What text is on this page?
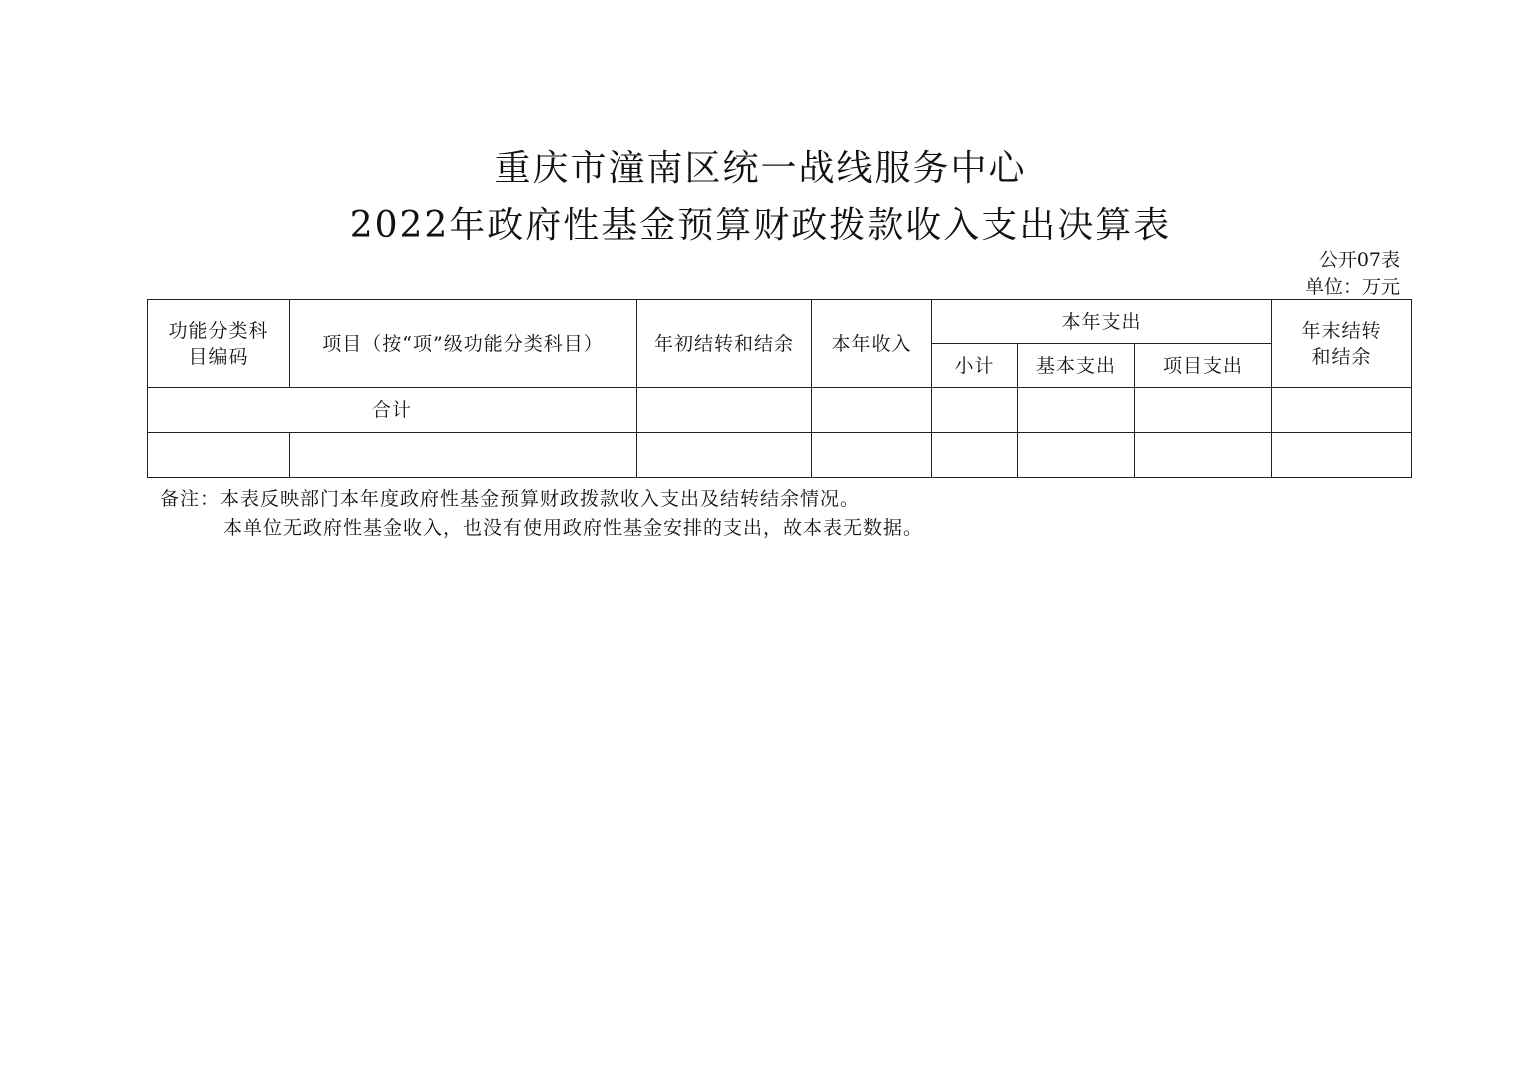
重庆市潼南区统一战线服务中心
2022年政府性基金预算财政拨款收入支出决算表
公开07表
单位：万元
功能分类科目编码	项目（按“项”级功能分类科目）	年初结转和结余	本年收入	本年支出			年末结转和结余
				小计	基本支出	项目支出	
合计							

备注：本表反映部门本年度政府性基金预算财政拨款收入支出及结转结余情况。
本单位无政府性基金收入，也没有使用政府性基金安排的支出，故本表无数据。
